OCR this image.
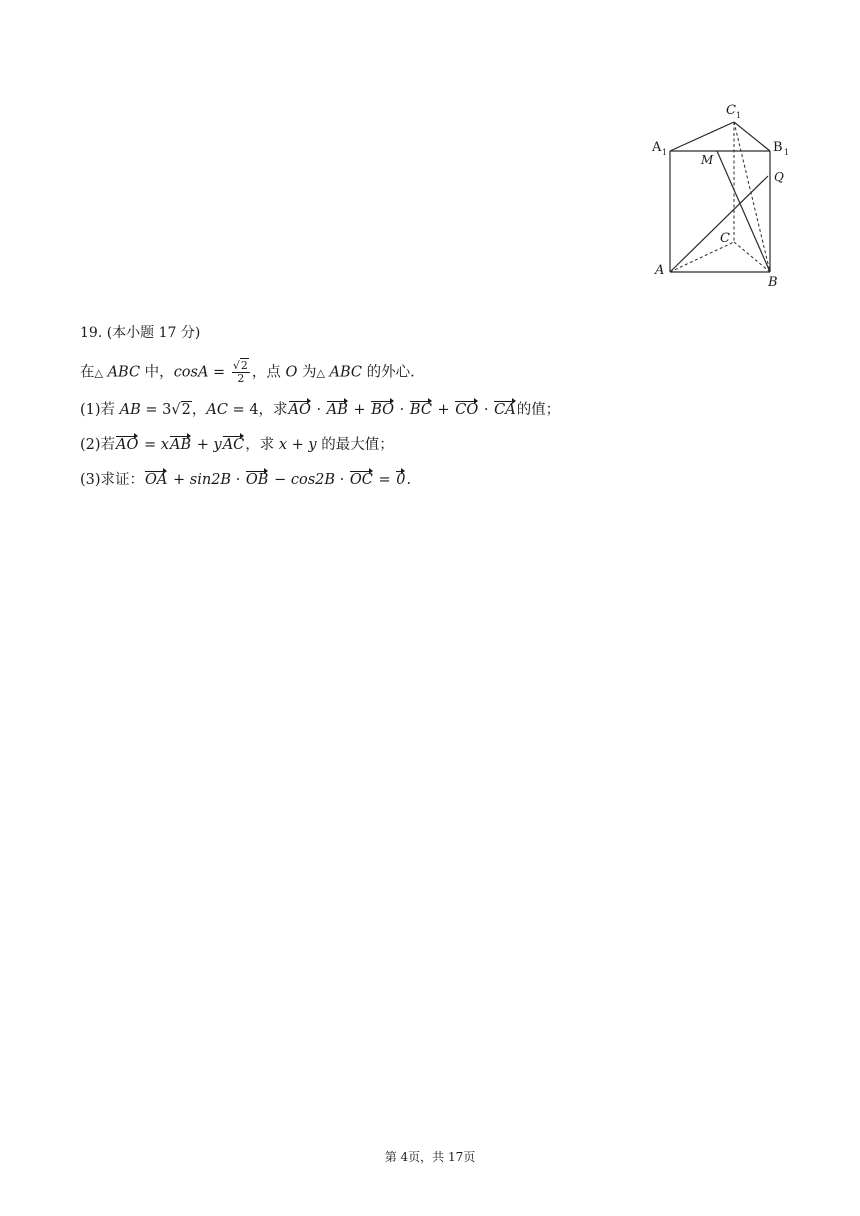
A 1	B 1
C 1
M
Q
A
B
C
19. (本小题 17 分)
在△ ABC 中，$\cos A = \frac{√2}{2}$ ，点 O 为△ ABC 的外心.
(1)若 AB = 3√2，AC = 4，求AO · AB + BO · BC + CO · CA的值；
(2)若AO = xAB + yAC，求 x + y 的最大值；
(3)求证：OA + sin2B · OB − cos2B · OC = 0.
第 4页，共 17页
